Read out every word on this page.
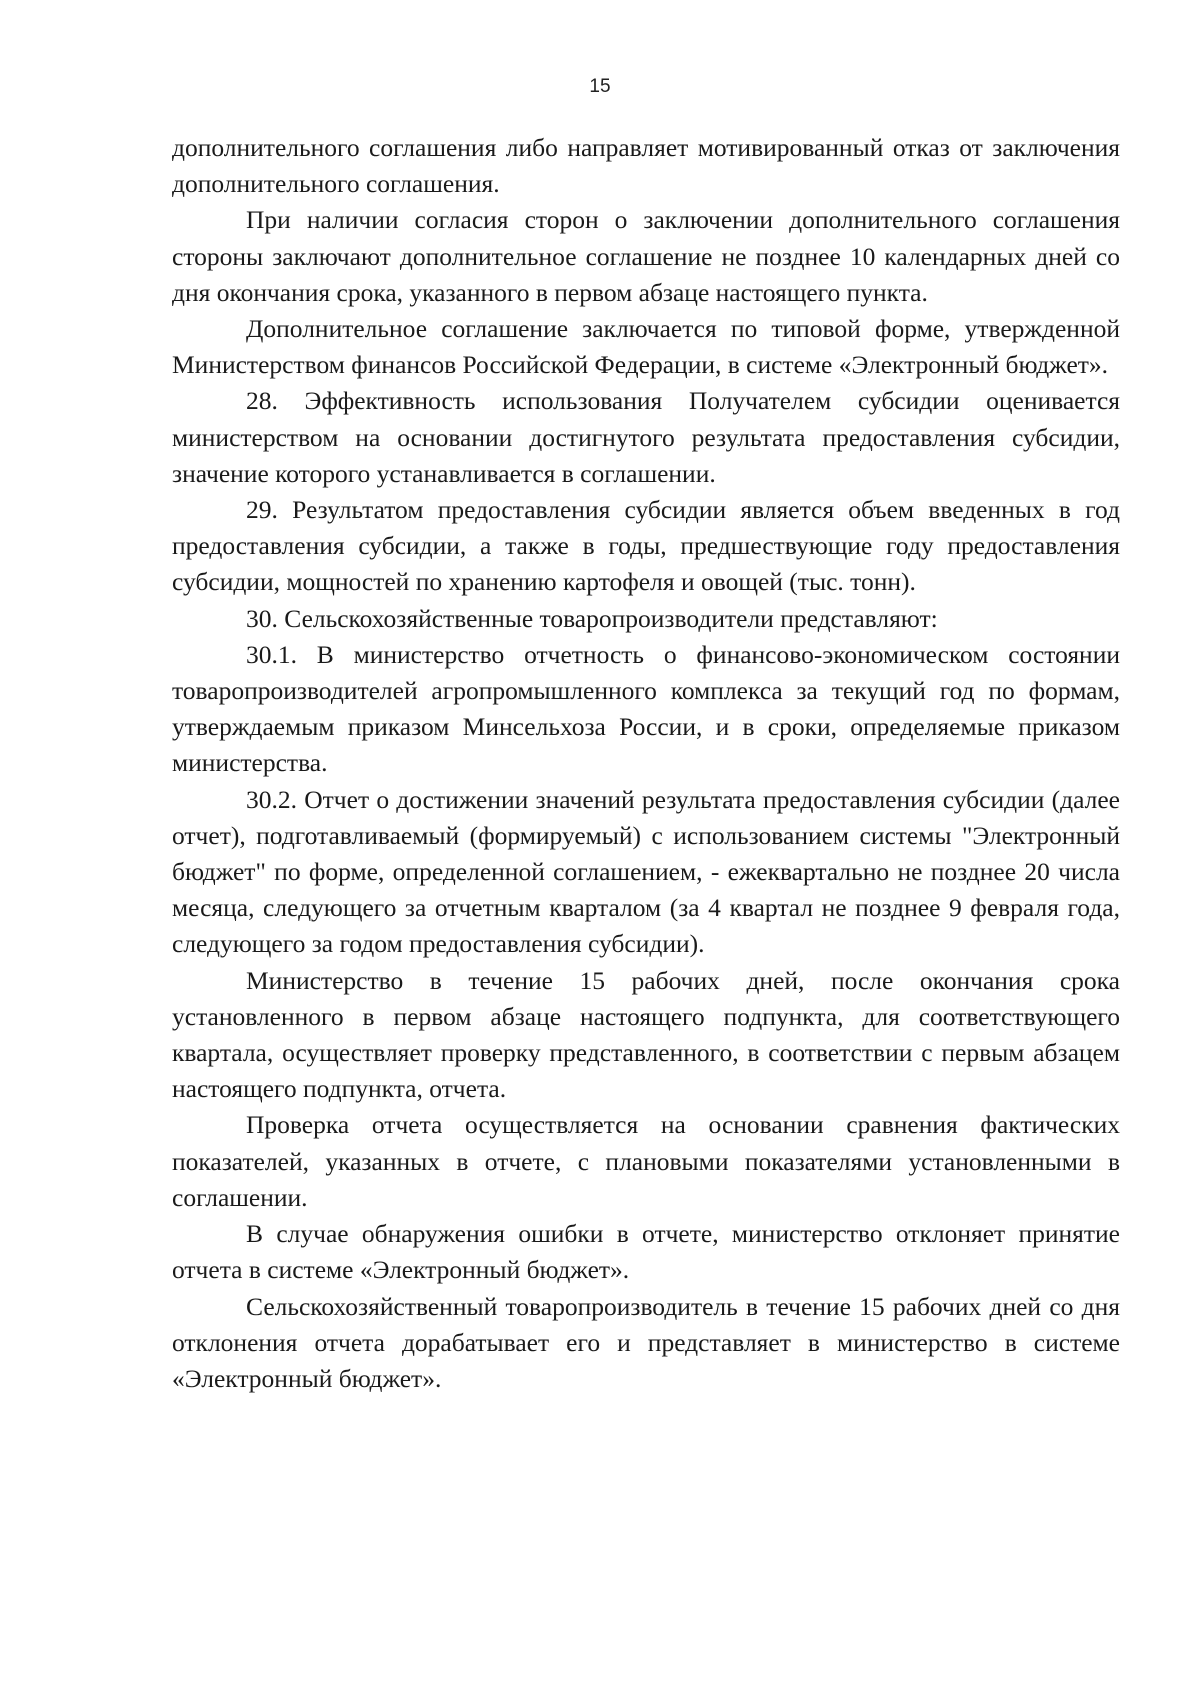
15

дополнительного соглашения либо направляет мотивированный отказ от заключения дополнительного соглашения.

При наличии согласия сторон о заключении дополнительного соглашения стороны заключают дополнительное соглашение не позднее 10 календарных дней со дня окончания срока, указанного в первом абзаце настоящего пункта.

Дополнительное соглашение заключается по типовой форме, утвержденной Министерством финансов Российской Федерации, в системе «Электронный бюджет».

28. Эффективность использования Получателем субсидии оценивается министерством на основании достигнутого результата предоставления субсидии, значение которого устанавливается в соглашении.

29. Результатом предоставления субсидии является объем введенных в год предоставления субсидии, а также в годы, предшествующие году предоставления субсидии, мощностей по хранению картофеля и овощей (тыс. тонн).

30. Сельскохозяйственные товаропроизводители представляют:

30.1. В министерство отчетность о финансово-экономическом состоянии товаропроизводителей агропромышленного комплекса за текущий год по формам, утверждаемым приказом Минсельхоза России, и в сроки, определяемые приказом министерства.

30.2. Отчет о достижении значений результата предоставления субсидии (далее отчет), подготавливаемый (формируемый) с использованием системы "Электронный бюджет" по форме, определенной соглашением, - ежеквартально не позднее 20 числа месяца, следующего за отчетным кварталом (за 4 квартал не позднее 9 февраля года, следующего за годом предоставления субсидии).

Министерство в течение 15 рабочих дней, после окончания срока установленного в первом абзаце настоящего подпункта, для соответствующего квартала, осуществляет проверку представленного, в соответствии с первым абзацем настоящего подпункта, отчета.

Проверка отчета осуществляется на основании сравнения фактических показателей, указанных в отчете, с плановыми показателями установленными в соглашении.

В случае обнаружения ошибки в отчете, министерство отклоняет принятие отчета в системе «Электронный бюджет».

Сельскохозяйственный товаропроизводитель в течение 15 рабочих дней со дня отклонения отчета дорабатывает его и представляет в министерство в системе «Электронный бюджет».
